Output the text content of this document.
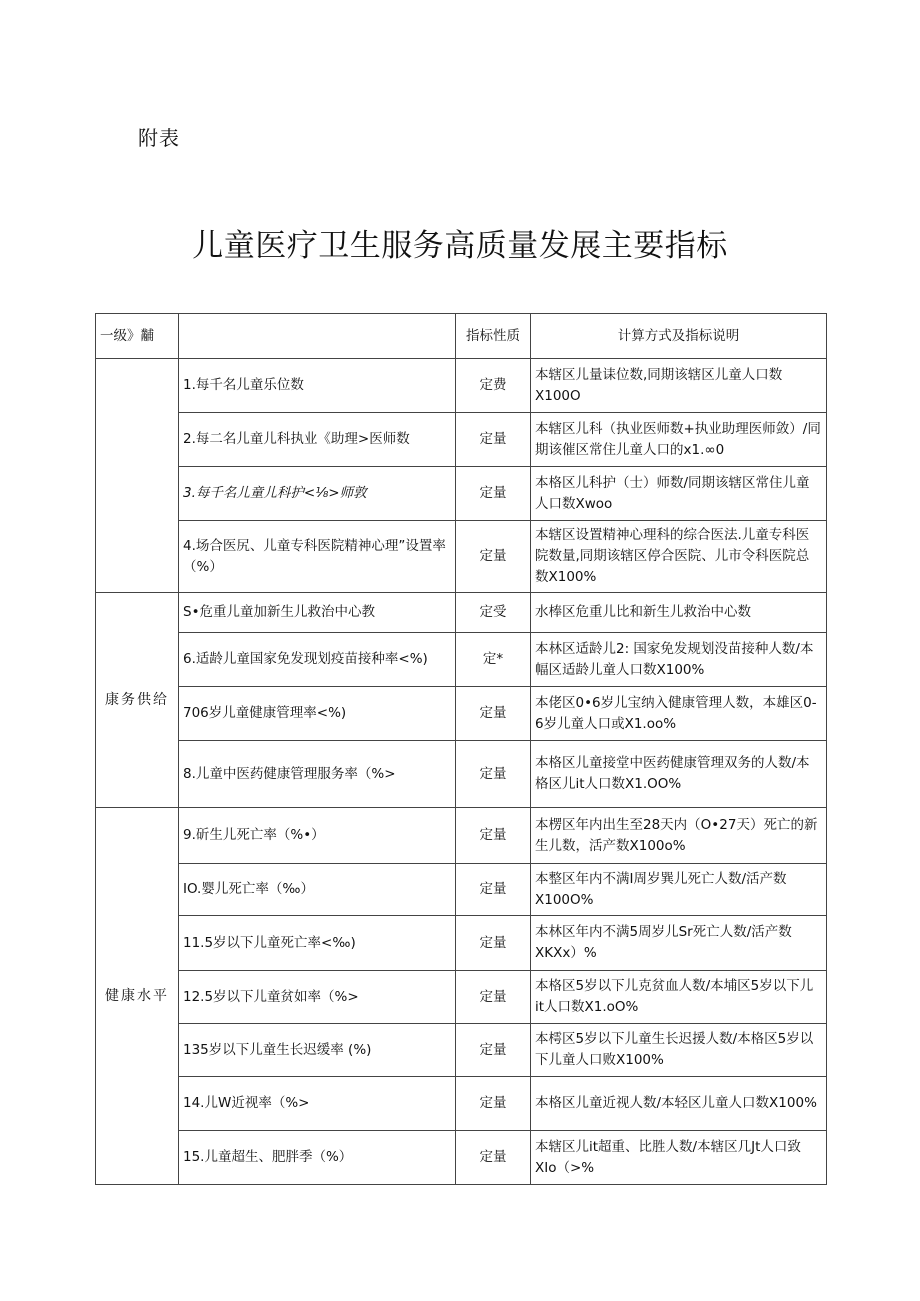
附表
儿童医疗卫生服务高质量发展主要指标
一级》黼		指标性质	计算方式及指标说明
	1.每千名儿童乐位数	定费	本辖区儿量诔位数,同期该辖区儿童人口数X100O
	2.每二名儿童儿科执业《助理>医师数	定量	本辖区儿科（执业医师数+执业助理医师敛）/同期该催区常住儿童人口的x1.∞0
	3.每千名儿童儿科护<⅛>师敦	定量	本格区儿科护（士）师数/同期该辖区常住儿童人口数Xwoo
	4.场合医尻、儿童专科医院精神心理”设置率（%）	定量	本辖区设置精神心理科的综合医法.儿童专科医院数量,同期该辖区停合医院、儿市令科医院总数X100%
康务供给	S•危重儿童加新生儿救治中心教	定受	水棒区危重儿比和新生儿救治中心数
	6.适龄儿童国家免发现划疫苗接种率<%)	定*	本林区适龄儿2: 国家免发规划没苗接种人数/本幅区适龄儿童人口数X100%
	706岁儿童健康管理率<%)	定量	本佬区0•6岁儿宝纳入健康管理人数，本雄区0-6岁儿童人口或X1.oo%
	8.儿童中医药健康管理服务率（%>	定量	本格区儿童接堂中医药健康管理双务的人数/本格区儿it人口数X1.OO%
健康水平	9.斫生儿死亡率（%•）	定量	本楞区年内出生至28天内（O•27天）死亡的新生儿数，活产数X100o%
	IO.婴儿死亡率（‰）	定量	本整区年内不满I周岁巽儿死亡人数/活产数X100O%
	11.5岁以下儿童死亡率<‰)	定量	本林区年内不满5周岁儿Sr死亡人数/活产数XKXx）%
	12.5岁以下儿童贫如率（%>	定量	本格区5岁以下儿克贫血人数/本埔区5岁以下儿it人口数X1.oO%
	135岁以下儿童生长迟缓率 (%)	定量	本樗区5岁以下儿童生长迟援人数/本格区5岁以下儿童人口败X100%
	14.儿W近视率（%>	定量	本格区儿童近视人数/本轻区儿童人口数X100%
	15.儿童超生、肥胖季（%）	定量	本辖区儿it超重、比胜人数/本辖区几Jt人口致XIo（>%
